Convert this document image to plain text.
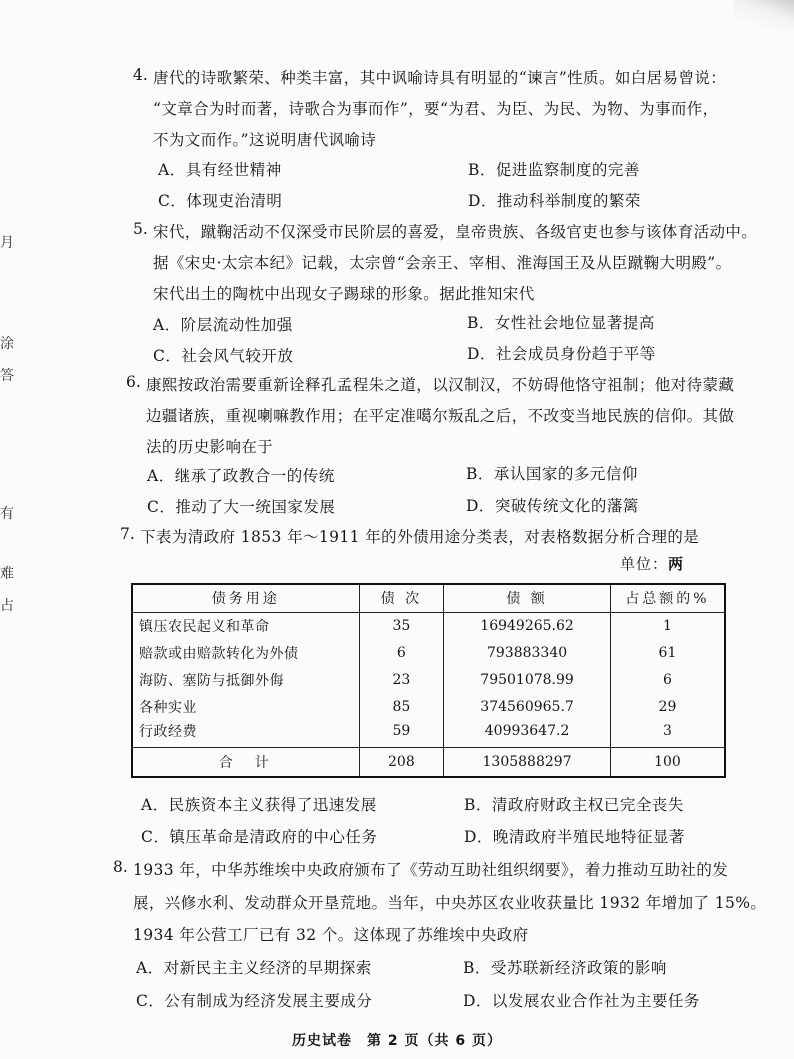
月
涂
答
有
难
占
4. 唐代的诗歌繁荣、种类丰富，其中讽喻诗具有明显的“谏言”性质。如白居易曾说：
“文章合为时而著，诗歌合为事而作”，要“为君、为臣、为民、为物、为事而作，
不为文而作。”这说明唐代讽喻诗
A．具有经世精神	B．促进监察制度的完善
C．体现吏治清明	D．推动科举制度的繁荣
5. 宋代，蹴鞠活动不仅深受市民阶层的喜爱，皇帝贵族、各级官吏也参与该体育活动中。
据《宋史·太宗本纪》记载，太宗曾“会亲王、宰相、淮海国王及从臣蹴鞠大明殿”。
宋代出土的陶枕中出现女子踢球的形象。据此推知宋代
A．阶层流动性加强	B．女性社会地位显著提高
C．社会风气较开放	D．社会成员身份趋于平等
6. 康熙按政治需要重新诠释孔孟程朱之道，以汉制汉，不妨碍他恪守祖制；他对待蒙藏
边疆诸族，重视喇嘛教作用；在平定准噶尔叛乱之后，不改变当地民族的信仰。其做
法的历史影响在于
A．继承了政教合一的传统	B．承认国家的多元信仰
C．推动了大一统国家发展	D．突破传统文化的藩篱
7. 下表为清政府 1853 年～1911 年的外债用途分类表，对表格数据分析合理的是
单位：两
债务用途	债 次	债 额	占总额的%
镇压农民起义和革命	35	16949265.62	1
赔款或由赔款转化为外债	6	793883340	61
海防、塞防与抵御外侮	23	79501078.99	6
各种实业	85	374560965.7	29
行政经费	59	40993647.2	3
合　计	208	1305888297	100
A．民族资本主义获得了迅速发展	B．清政府财政主权已完全丧失
C．镇压革命是清政府的中心任务	D．晚清政府半殖民地特征显著
8. 1933 年，中华苏维埃中央政府颁布了《劳动互助社组织纲要》，着力推动互助社的发
展，兴修水利、发动群众开垦荒地。当年，中央苏区农业收获量比 1932 年增加了 15%。
1934 年公营工厂已有 32 个。这体现了苏维埃中央政府
A．对新民主主义经济的早期探索	B．受苏联新经济政策的影响
C．公有制成为经济发展主要成分	D．以发展农业合作社为主要任务
历史试卷　第 2 页（共 6 页）
